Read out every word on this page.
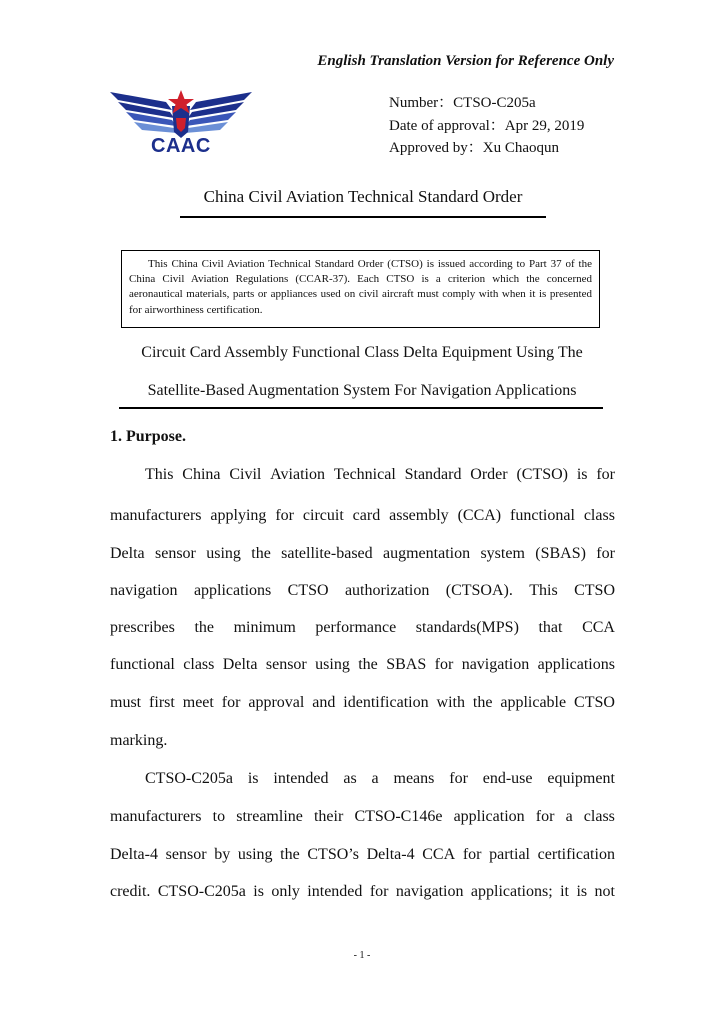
English Translation Version for Reference Only
CAAC
Number：CTSO-C205a
Date of approval：Apr 29, 2019
Approved by：Xu Chaoqun
China Civil Aviation Technical Standard Order
This China Civil Aviation Technical Standard Order (CTSO) is issued according to Part 37 of the China Civil Aviation Regulations (CCAR-37). Each CTSO is a criterion which the concerned aeronautical materials, parts or appliances used on civil aircraft must comply with when it is presented for airworthiness certification.
Circuit Card Assembly Functional Class Delta Equipment Using The
Satellite-Based Augmentation System For Navigation Applications
1. Purpose.
This China Civil Aviation Technical Standard Order (CTSO) is for
manufacturers applying for circuit card assembly (CCA) functional class
Delta sensor using the satellite-based augmentation system (SBAS) for
navigation applications CTSO authorization (CTSOA). This CTSO
prescribes the minimum performance standards(MPS) that CCA
functional class Delta sensor using the SBAS for navigation applications
must first meet for approval and identification with the applicable CTSO
marking.
CTSO-C205a is intended as a means for end-use equipment
manufacturers to streamline their CTSO-C146e application for a class
Delta-4 sensor by using the CTSO’s Delta-4 CCA for partial certification
credit. CTSO-C205a is only intended for navigation applications; it is not
- 1 -
